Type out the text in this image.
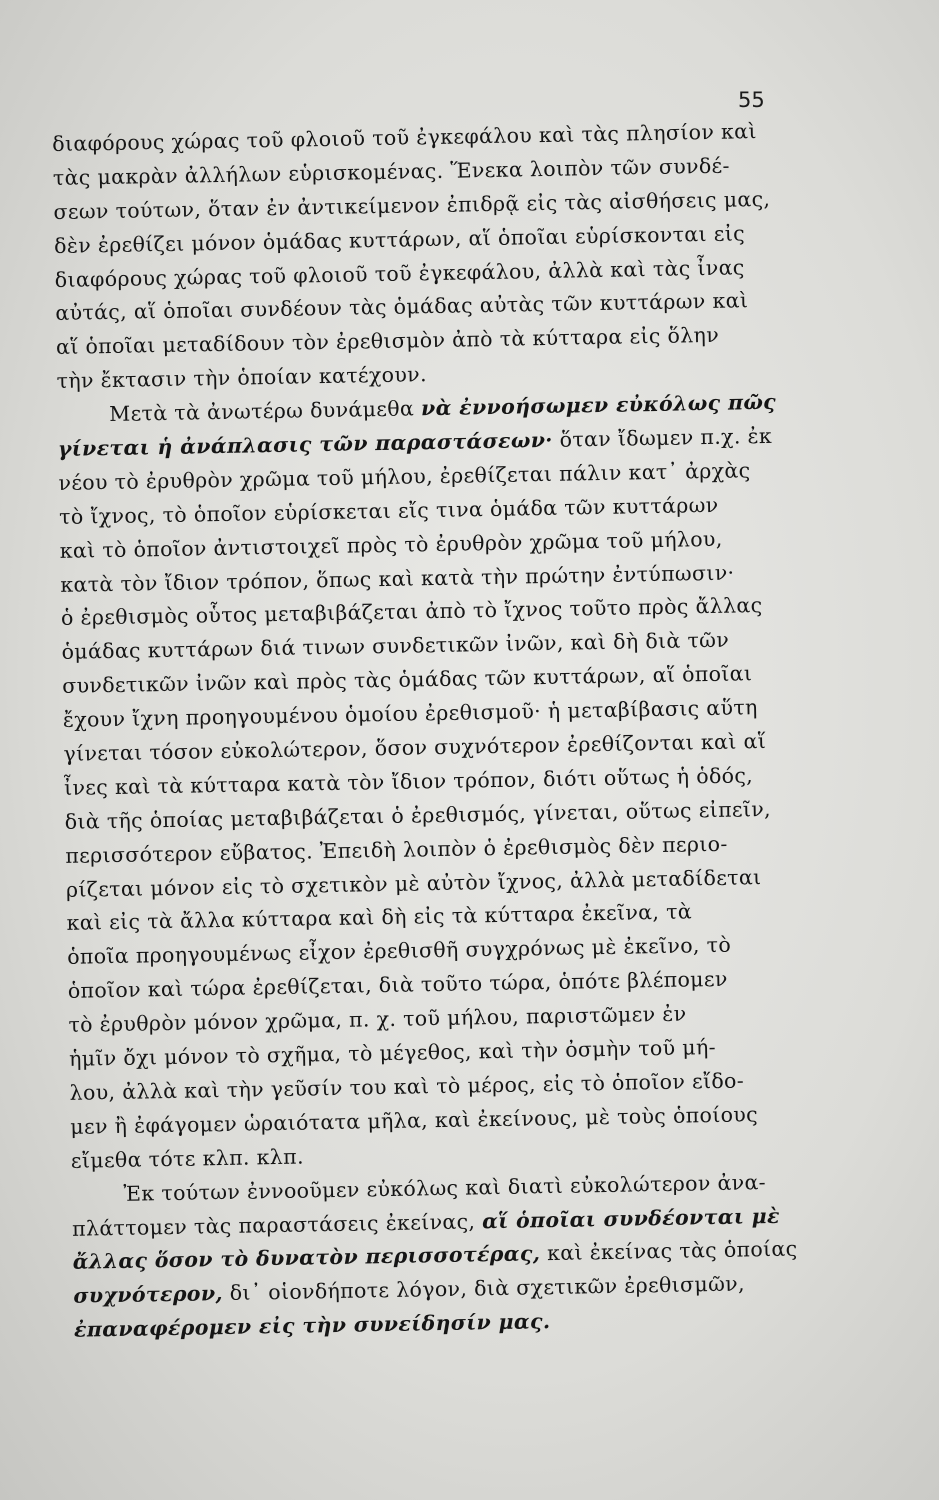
55
διαφόρους χώρας τοῦ φλοιοῦ τοῦ ἐγκεφάλου καὶ τὰς πλησίον καὶ
τὰς μακρὰν ἀλλήλων εὑρισκομένας. Ἕνεκα λοιπὸν τῶν συνδέ-
σεων τούτων, ὅταν ἐν ἀντικείμενον ἐπιδρᾷ εἰς τὰς αἰσθήσεις μας,
δὲν ἐρεθίζει μόνον ὁμάδας κυττάρων, αἵ ὁποῖαι εὑρίσκονται εἰς
διαφόρους χώρας τοῦ φλοιοῦ τοῦ ἐγκεφάλου, ἀλλὰ καὶ τὰς ἶνας
αὐτάς, αἵ ὁποῖαι συνδέουν τὰς ὁμάδας αὐτὰς τῶν κυττάρων καὶ
αἵ ὁποῖαι μεταδίδουν τὸν ἐρεθισμὸν ἀπὸ τὰ κύτταρα εἰς ὅλην
τὴν ἔκτασιν τὴν ὁποίαν κατέχουν.
Μετὰ τὰ ἀνωτέρω δυνάμεθα νὰ ἐννοήσωμεν εὐκόλως πῶς
γίνεται ἡ ἀνάπλασις τῶν παραστάσεων· ὅταν ἴδωμεν π.χ. ἐκ
νέου τὸ ἐρυθρὸν χρῶμα τοῦ μήλου, ἐρεθίζεται πάλιν κατ᾽ ἀρχὰς
τὸ ἴχνος, τὸ ὁποῖον εὑρίσκεται εἴς τινα ὁμάδα τῶν κυττάρων
καὶ τὸ ὁποῖον ἀντιστοιχεῖ πρὸς τὸ ἐρυθρὸν χρῶμα τοῦ μήλου,
κατὰ τὸν ἴδιον τρόπον, ὅπως καὶ κατὰ τὴν πρώτην ἐντύπωσιν·
ὁ ἐρεθισμὸς οὗτος μεταβιβάζεται ἀπὸ τὸ ἴχνος τοῦτο πρὸς ἄλλας
ὁμάδας κυττάρων διά τινων συνδετικῶν ἰνῶν, καὶ δὴ διὰ τῶν
συνδετικῶν ἰνῶν καὶ πρὸς τὰς ὁμάδας τῶν κυττάρων, αἵ ὁποῖαι
ἔχουν ἴχνη προηγουμένου ὁμοίου ἐρεθισμοῦ· ἡ μεταβίβασις αὕτη
γίνεται τόσον εὐκολώτερον, ὅσον συχνότερον ἐρεθίζονται καὶ αἵ
ἶνες καὶ τὰ κύτταρα κατὰ τὸν ἴδιον τρόπον, διότι οὕτως ἡ ὁδός,
διὰ τῆς ὁποίας μεταβιβάζεται ὁ ἐρεθισμός, γίνεται, οὕτως εἰπεῖν,
περισσότερον εὔβατος. Ἐπειδὴ λοιπὸν ὁ ἐρεθισμὸς δὲν περιο-
ρίζεται μόνον εἰς τὸ σχετικὸν μὲ αὐτὸν ἴχνος, ἀλλὰ μεταδίδεται
καὶ εἰς τὰ ἄλλα κύτταρα καὶ δὴ εἰς τὰ κύτταρα ἐκεῖνα, τὰ
ὁποῖα προηγουμένως εἶχον ἐρεθισθῆ συγχρόνως μὲ ἐκεῖνο, τὸ
ὁποῖον καὶ τώρα ἐρεθίζεται, διὰ τοῦτο τώρα, ὁπότε βλέπομεν
τὸ ἐρυθρὸν μόνον χρῶμα, π. χ. τοῦ μήλου, παριστῶμεν ἐν
ἡμῖν ὄχι μόνον τὸ σχῆμα, τὸ μέγεθος, καὶ τὴν ὀσμὴν τοῦ μή-
λου, ἀλλὰ καὶ τὴν γεῦσίν του καὶ τὸ μέρος, εἰς τὸ ὁποῖον εἴδο-
μεν ἢ ἐφάγομεν ὡραιότατα μῆλα, καὶ ἐκείνους, μὲ τοὺς ὁποίους
εἴμεθα τότε κλπ. κλπ.
Ἐκ τούτων ἐννοοῦμεν εὐκόλως καὶ διατὶ εὐκολώτερον ἀνα-
πλάττομεν τὰς παραστάσεις ἐκείνας, αἵ ὁποῖαι συνδέονται μὲ
ἄλλας ὅσον τὸ δυνατὸν περισσοτέρας, καὶ ἐκείνας τὰς ὁποίας
συχνότερον, δι᾽ οἱονδήποτε λόγον, διὰ σχετικῶν ἐρεθισμῶν,
ἐπαναφέρομεν εἰς τὴν συνείδησίν μας.
